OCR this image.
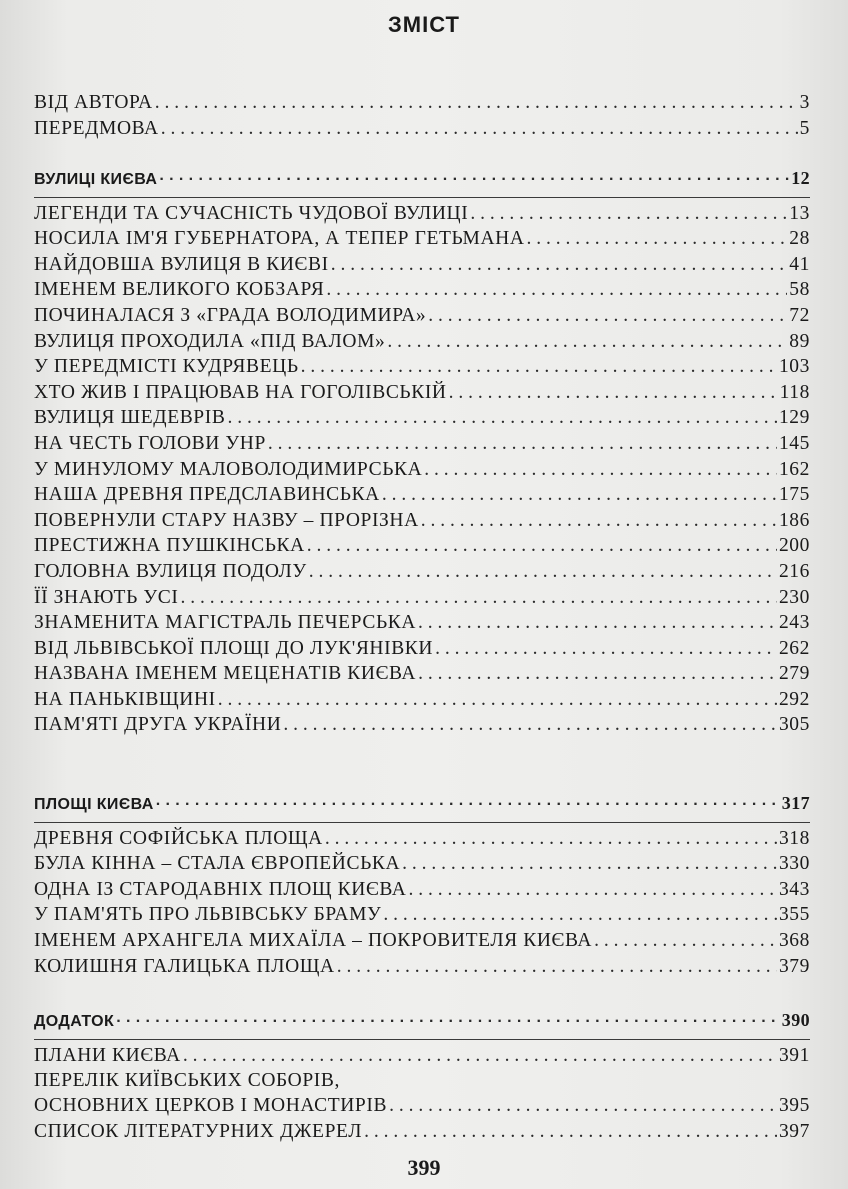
ЗМІСТ
ВІД АВТОРА . . .	3
ПЕРЕДМОВА . . .	5
ВУЛИЦІ КИЄВА · · ·	12
ЛЕГЕНДИ ТА СУЧАСНІСТЬ ЧУДОВОЇ ВУЛИЦІ . . .	13
НОСИЛА ІМ'Я ГУБЕРНАТОРА, А ТЕПЕР ГЕТЬМАНА . . .	28
НАЙДОВША ВУЛИЦЯ В КИЄВІ . . .	41
ІМЕНЕМ ВЕЛИКОГО КОБЗАРЯ . . .	58
ПОЧИНАЛАСЯ З «ГРАДА ВОЛОДИМИРА» . . .	72
ВУЛИЦЯ ПРОХОДИЛА «ПІД ВАЛОМ» . . .	89
У ПЕРЕДМІСТІ КУДРЯВЕЦЬ . . .	103
ХТО ЖИВ І ПРАЦЮВАВ НА ГОГОЛІВСЬКІЙ . . .	118
ВУЛИЦЯ ШЕДЕВРІВ . . .	129
НА ЧЕСТЬ ГОЛОВИ УНР . . .	145
У МИНУЛОМУ МАЛОВОЛОДИМИРСЬКА . . .	162
НАША ДРЕВНЯ ПРЕДСЛАВИНСЬКА . . .	175
ПОВЕРНУЛИ СТАРУ НАЗВУ – ПРОРІЗНА . . .	186
ПРЕСТИЖНА ПУШКІНСЬКА . . .	200
ГОЛОВНА ВУЛИЦЯ ПОДОЛУ . . .	216
ЇЇ ЗНАЮТЬ УСІ . . .	230
ЗНАМЕНИТА МАГІСТРАЛЬ ПЕЧЕРСЬКА . . .	243
ВІД ЛЬВІВСЬКОЇ ПЛОЩІ ДО ЛУК'ЯНІВКИ . . .	262
НАЗВАНА ІМЕНЕМ МЕЦЕНАТІВ КИЄВА . . .	279
НА ПАНЬКІВЩИНІ . . .	292
ПАМ'ЯТІ ДРУГА УКРАЇНИ . . .	305
ПЛОЩІ КИЄВА · · ·	317
ДРЕВНЯ СОФІЙСЬКА ПЛОЩА . . .	318
БУЛА КІННА – СТАЛА ЄВРОПЕЙСЬКА . . .	330
ОДНА ІЗ СТАРОДАВНІХ ПЛОЩ КИЄВА . . .	343
У ПАМ'ЯТЬ ПРО ЛЬВІВСЬКУ БРАМУ . . .	355
ІМЕНЕМ АРХАНГЕЛА МИХАЇЛА – ПОКРОВИТЕЛЯ КИЄВА . . .	368
КОЛИШНЯ ГАЛИЦЬКА ПЛОЩА . . .	379
ДОДАТОК · · ·	390
ПЛАНИ КИЄВА . . .	391
ПЕРЕЛІК КИЇВСЬКИХ СОБОРІВ,
ОСНОВНИХ ЦЕРКОВ І МОНАСТИРІВ . . .	395
СПИСОК ЛІТЕРАТУРНИХ ДЖЕРЕЛ . . .	397
399
